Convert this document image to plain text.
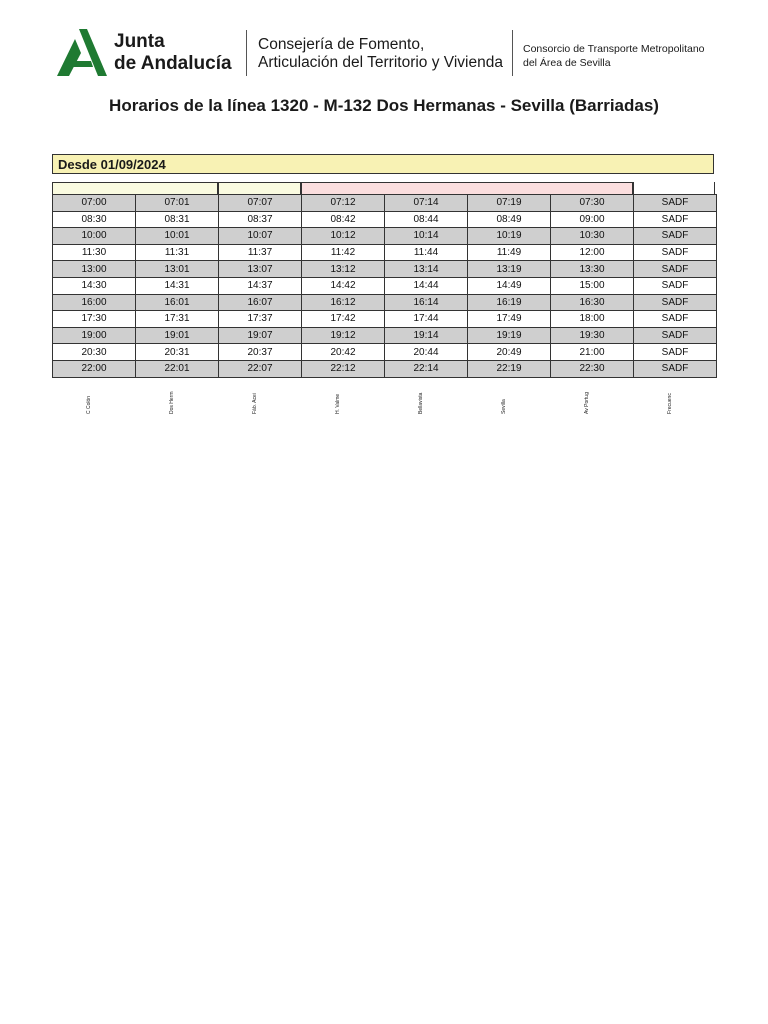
Junta
de Andalucía
Consejería de Fomento,
Articulación del Territorio y Vivienda
Consorcio de Transporte Metropolitano
del Área de Sevilla
Horarios de la línea 1320 - M-132 Dos Hermanas - Sevilla (Barriadas)
Desde 01/09/2024
07:00	07:01	07:07	07:12	07:14	07:19	07:30	SADF
08:30	08:31	08:37	08:42	08:44	08:49	09:00	SADF
10:00	10:01	10:07	10:12	10:14	10:19	10:30	SADF
11:30	11:31	11:37	11:42	11:44	11:49	12:00	SADF
13:00	13:01	13:07	13:12	13:14	13:19	13:30	SADF
14:30	14:31	14:37	14:42	14:44	14:49	15:00	SADF
16:00	16:01	16:07	16:12	16:14	16:19	16:30	SADF
17:30	17:31	17:37	17:42	17:44	17:49	18:00	SADF
19:00	19:01	19:07	19:12	19:14	19:19	19:30	SADF
20:30	20:31	20:37	20:42	20:44	20:49	21:00	SADF
22:00	22:01	22:07	22:12	22:14	22:19	22:30	SADF
C Colón	Dos Herm	Fáb. Acei	H. Valme	Bellavista	Sevilla	Av Portug	Frecuenc
